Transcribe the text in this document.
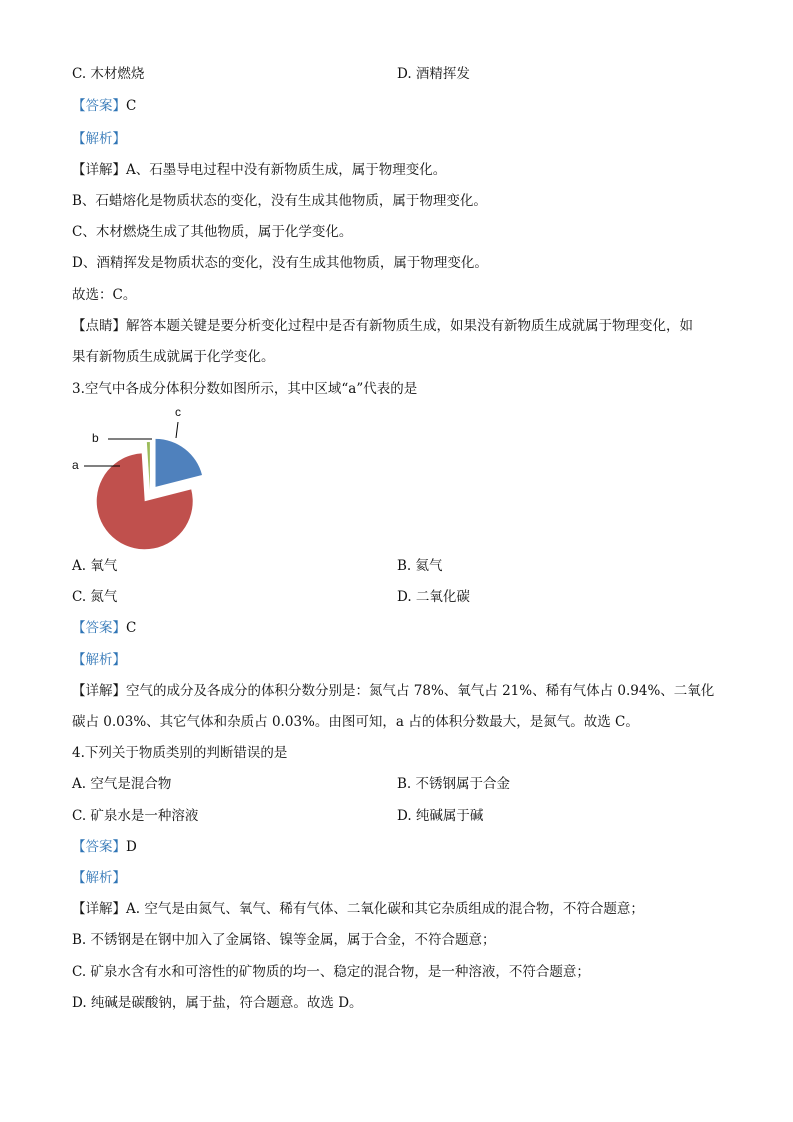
C. 木材燃烧	D. 酒精挥发
【答案】C
【解析】
【详解】A、石墨导电过程中没有新物质生成，属于物理变化。
B、石蜡熔化是物质状态的变化，没有生成其他物质，属于物理变化。
C、木材燃烧生成了其他物质，属于化学变化。
D、酒精挥发是物质状态的变化，没有生成其他物质，属于物理变化。
故选：C。
【点睛】解答本题关键是要分析变化过程中是否有新物质生成，如果没有新物质生成就属于物理变化，如
果有新物质生成就属于化学变化。
3.空气中各成分体积分数如图所示，其中区域“a”代表的是
c
b
a
A. 氧气	B. 氦气
C. 氮气	D. 二氧化碳
【答案】C
【解析】
【详解】空气的成分及各成分的体积分数分别是：氮气占 78%、氧气占 21%、稀有气体占 0.94%、二氧化
碳占 0.03%、其它气体和杂质占 0.03%。由图可知，a 占的体积分数最大，是氮气。故选 C。
4.下列关于物质类别的判断错误的是
A. 空气是混合物	B. 不锈钢属于合金
C. 矿泉水是一种溶液	D. 纯碱属于碱
【答案】D
【解析】
【详解】A. 空气是由氮气、氧气、稀有气体、二氧化碳和其它杂质组成的混合物，不符合题意；
B. 不锈钢是在钢中加入了金属铬、镍等金属，属于合金，不符合题意；
C. 矿泉水含有水和可溶性的矿物质的均一、稳定的混合物，是一种溶液，不符合题意；
D. 纯碱是碳酸钠，属于盐，符合题意。故选 D。
